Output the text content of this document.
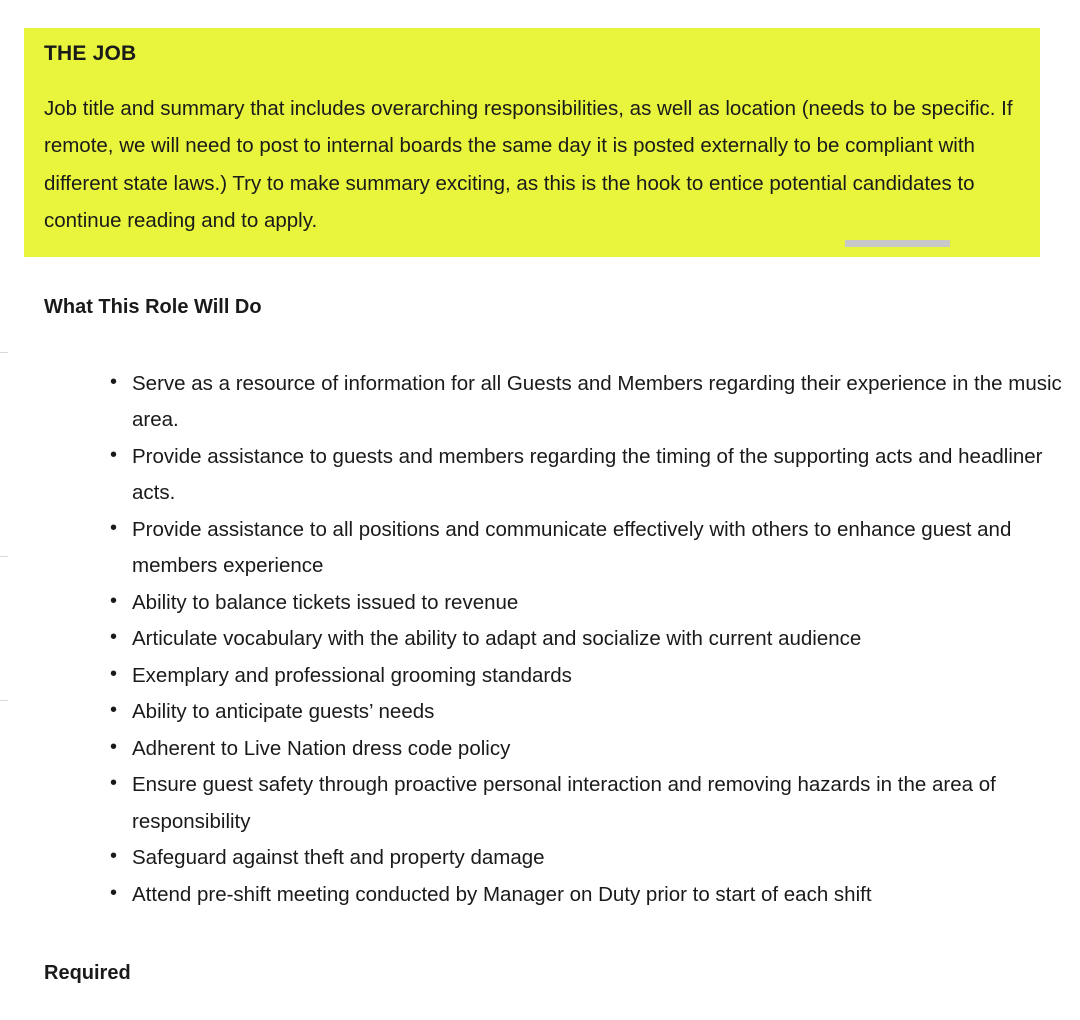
THE JOB
Job title and summary that includes overarching responsibilities, as well as location (needs to be specific. If remote, we will need to post to internal boards the same day it is posted externally to be compliant with different state laws.) Try to make summary exciting, as this is the hook to entice potential candidates to continue reading and to apply.
What This Role Will Do
• Serve as a resource of information for all Guests and Members regarding their experience in the music area.
• Provide assistance to guests and members regarding the timing of the supporting acts and headliner acts.
• Provide assistance to all positions and communicate effectively with others to enhance guest and members experience
• Ability to balance tickets issued to revenue
• Articulate vocabulary with the ability to adapt and socialize with current audience
• Exemplary and professional grooming standards
• Ability to anticipate guests’ needs
• Adherent to Live Nation dress code policy
• Ensure guest safety through proactive personal interaction and removing hazards in the area of responsibility
• Safeguard against theft and property damage
• Attend pre-shift meeting conducted by Manager on Duty prior to start of each shift
Required
